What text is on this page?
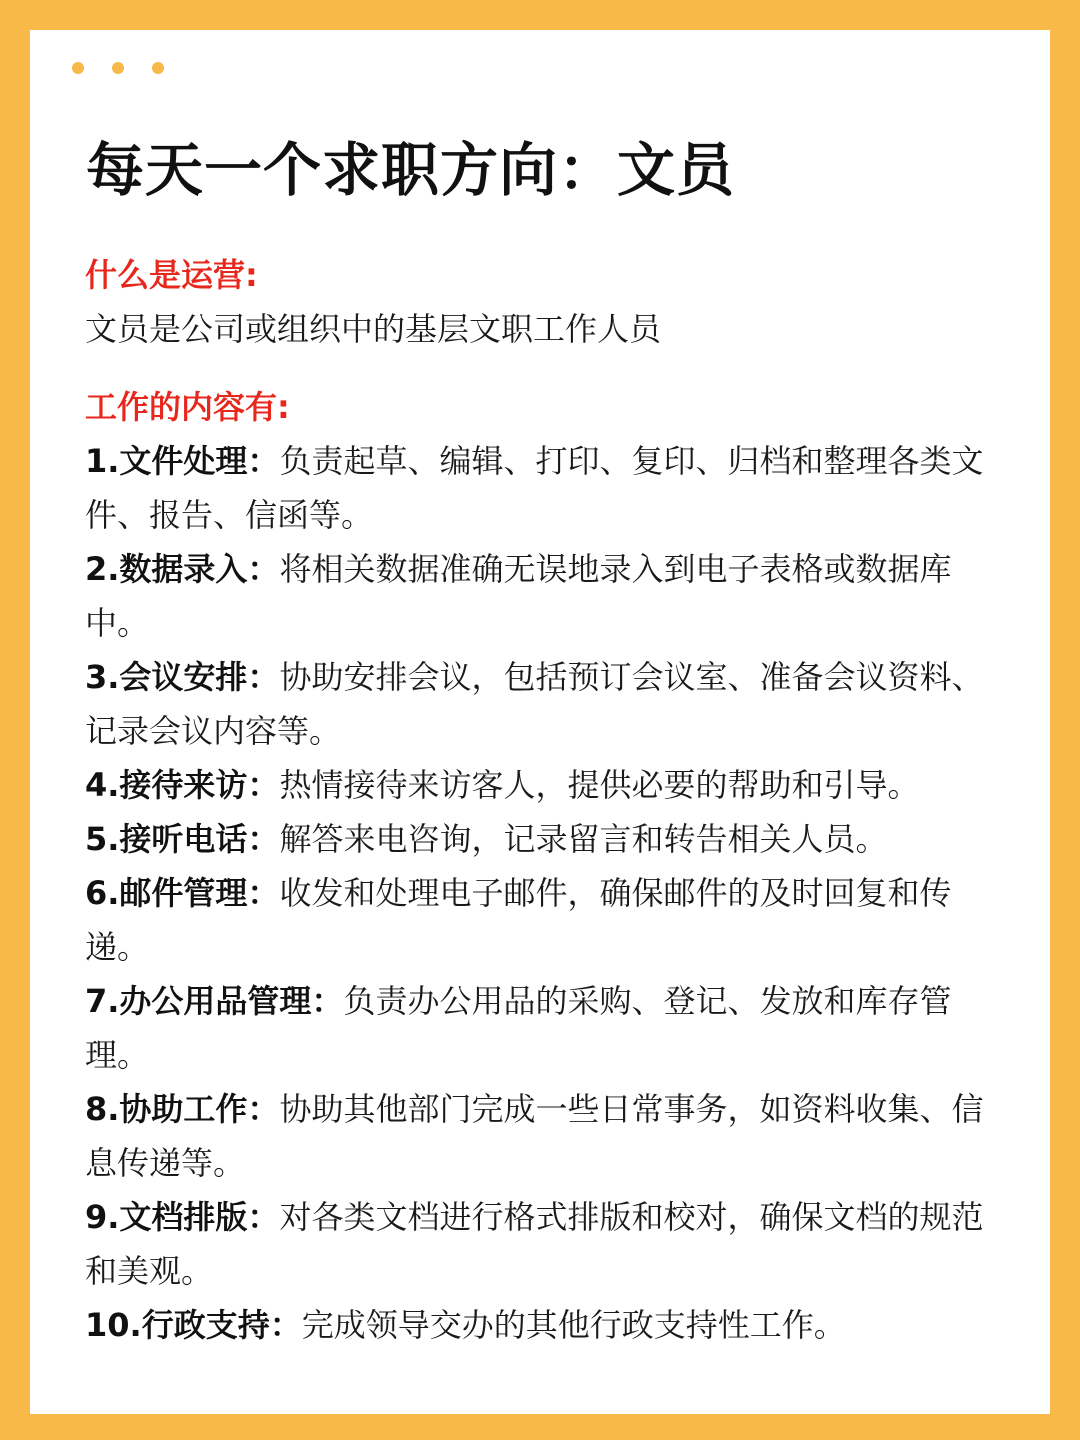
每天一个求职方向：文员
什么是运营:
文员是公司或组织中的基层文职工作人员
工作的内容有:

1.文件处理：负责起草、编辑、打印、复印、归档和整理各类文件、报告、信函等。

2.数据录入：将相关数据准确无误地录入到电子表格或数据库中。

3.会议安排：协助安排会议，包括预订会议室、准备会议资料、记录会议内容等。

4.接待来访：热情接待来访客人，提供必要的帮助和引导。

5.接听电话：解答来电咨询，记录留言和转告相关人员。

6.邮件管理：收发和处理电子邮件，确保邮件的及时回复和传递。

7.办公用品管理：负责办公用品的采购、登记、发放和库存管理。

8.协助工作：协助其他部门完成一些日常事务，如资料收集、信息传递等。

9.文档排版：对各类文档进行格式排版和校对，确保文档的规范和美观。

10.行政支持：完成领导交办的其他行政支持性工作。
